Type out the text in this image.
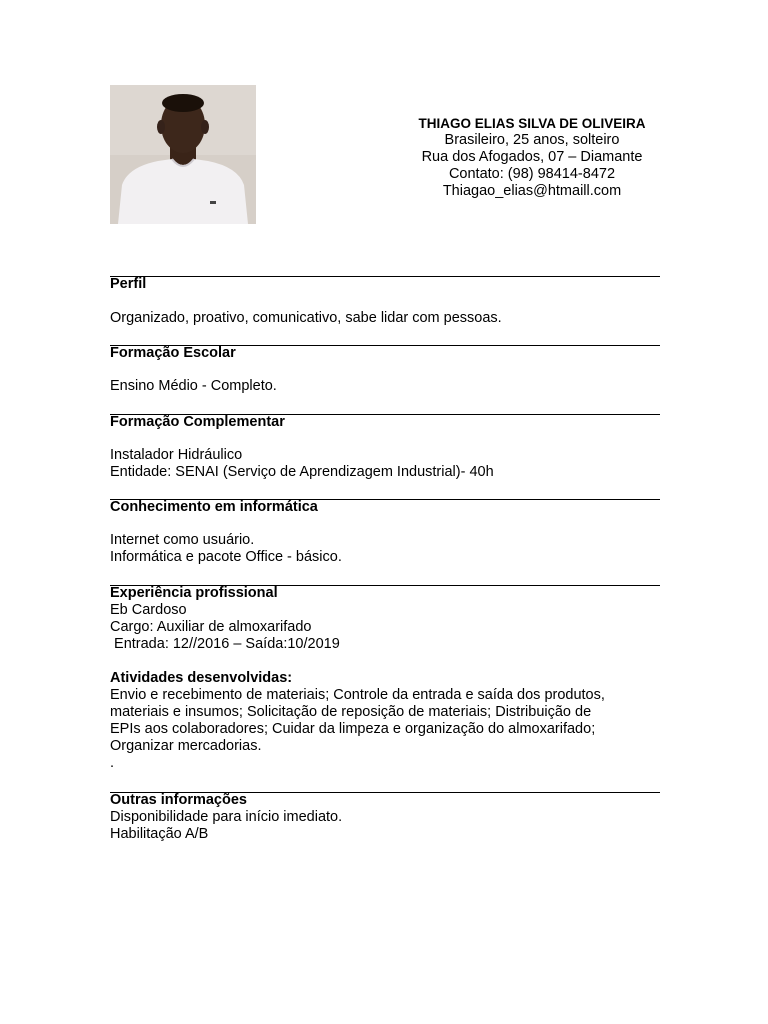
THIAGO ELIAS SILVA DE OLIVEIRA
Brasileiro, 25 anos, solteiro
Rua dos Afogados, 07 – Diamante
Contato: (98) 98414-8472
Thiagao_elias@htmaill.com
Perfil
Organizado, proativo, comunicativo, sabe lidar com pessoas.
Formação Escolar
Ensino Médio - Completo.
Formação Complementar
Instalador Hidráulico
Entidade: SENAI (Serviço de Aprendizagem Industrial)- 40h
Conhecimento em informática
Internet como usuário.
Informática e pacote Office - básico.
Experiência profissional
Eb Cardoso
Cargo: Auxiliar de almoxarifado
Entrada: 12//2016 – Saída:10/2019
Atividades desenvolvidas:
Envio e recebimento de materiais; Controle da entrada e saída dos produtos,
materiais e insumos; Solicitação de reposição de materiais; Distribuição de
EPIs aos colaboradores; Cuidar da limpeza e organização do almoxarifado;
Organizar mercadorias.
.
Outras informações
Disponibilidade para início imediato.
Habilitação A/B
